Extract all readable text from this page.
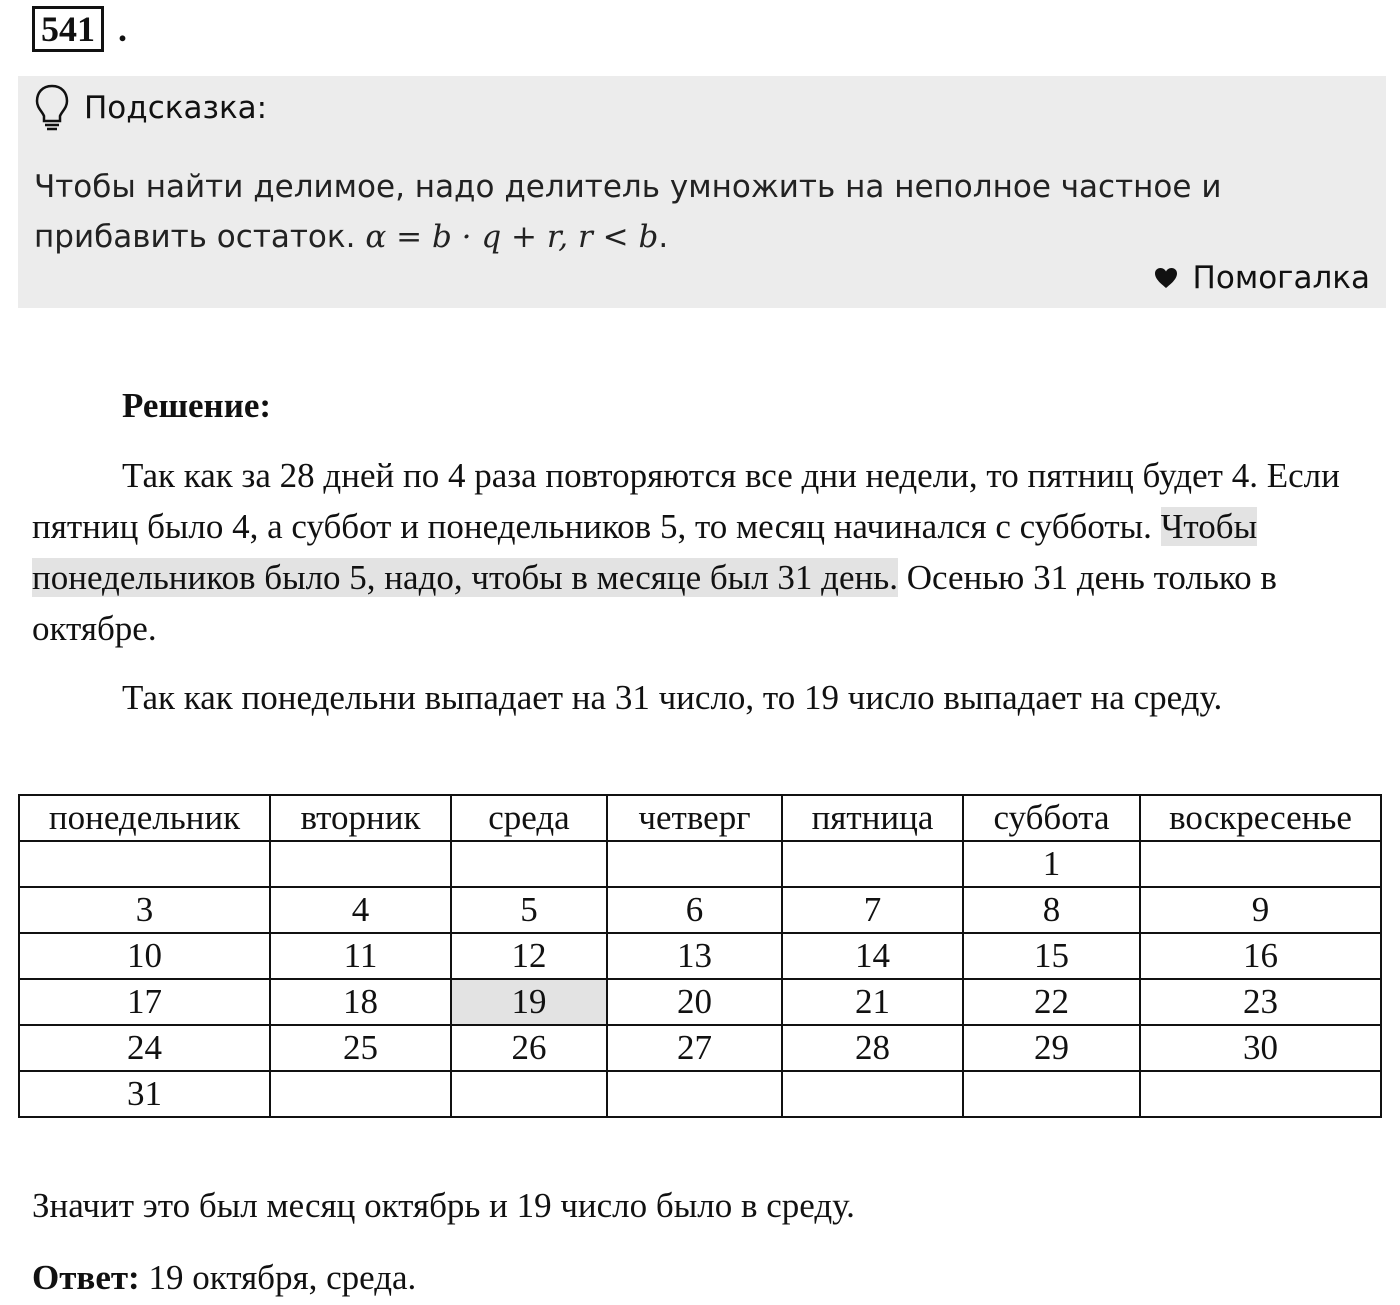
541 .
Подсказка:
Чтобы найти делимое, надо делитель умножить на неполное частное и прибавить остаток. α = b · q + r, r < b.
Помогалка
Решение:
Так как за 28 дней по 4 раза повторяются все дни недели, то пятниц будет 4. Если пятниц было 4, а суббот и понедельников 5, то месяц начинался с субботы. Чтобы понедельников было 5, надо, чтобы в месяце был 31 день. Осенью 31 день только в октябре.
Так как понедельни выпадает на 31 число, то 19 число выпадает на среду.
понедельник	вторник	среда	четверг	пятница	суббота	воскресенье
					1	
3	4	5	6	7	8	9
10	11	12	13	14	15	16
17	18	19	20	21	22	23
24	25	26	27	28	29	30
31						
Значит это был месяц октябрь и 19 число было в среду.
Ответ: 19 октября, среда.
